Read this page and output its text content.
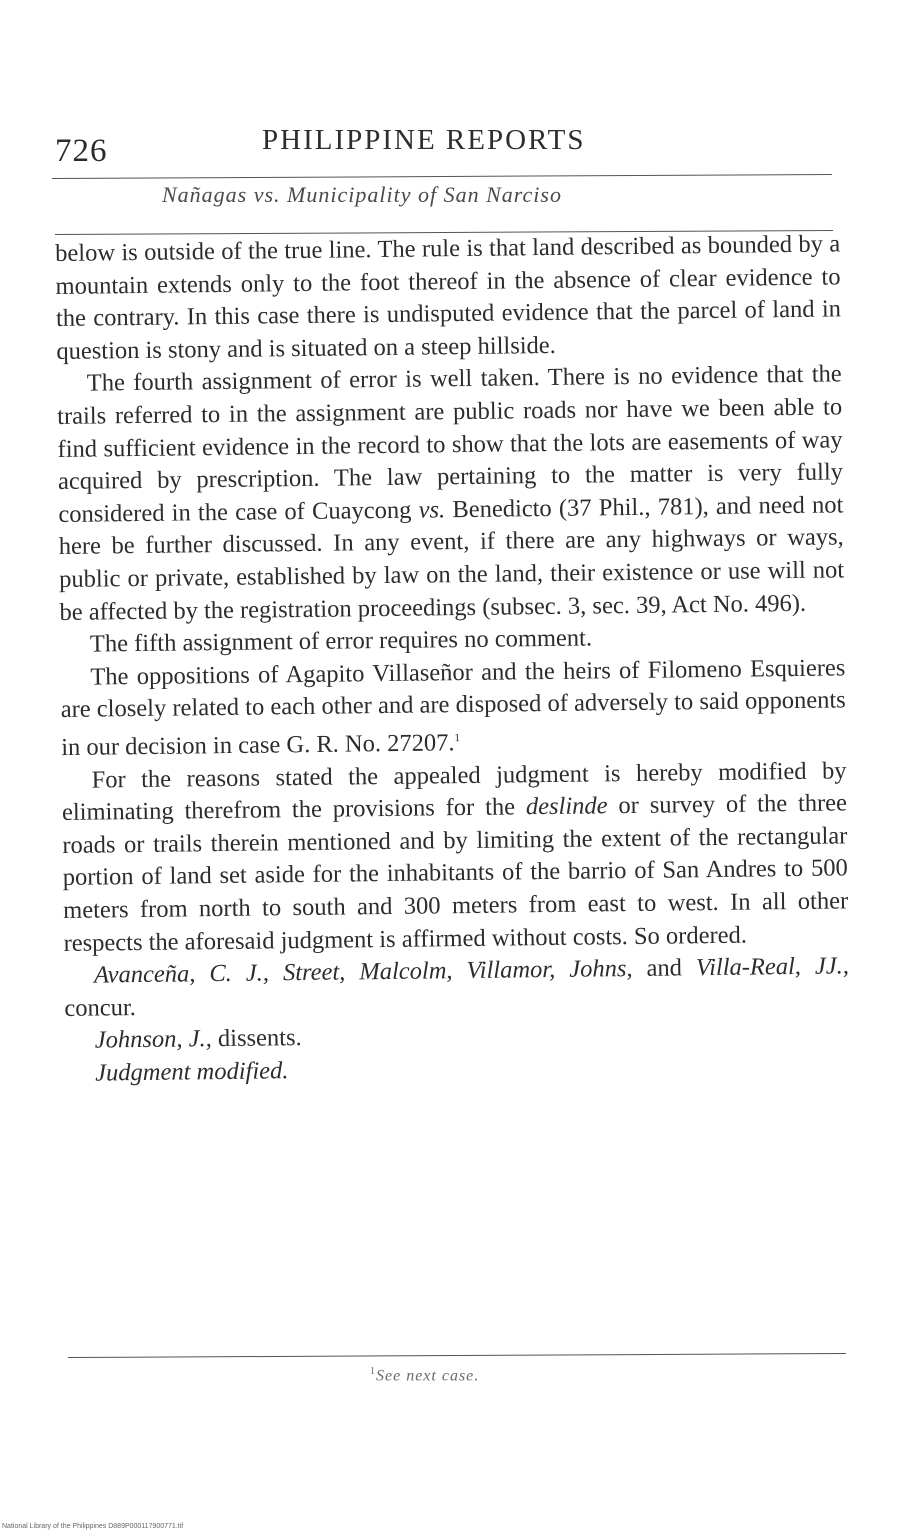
726	PHILIPPINE REPORTS
Nañagas vs. Municipality of San Narciso

below is outside of the true line. The rule is that land described as bounded by a mountain extends only to the foot thereof in the absence of clear evidence to the contrary. In this case there is undisputed evidence that the parcel of land in question is stony and is situated on a steep hillside.

The fourth assignment of error is well taken. There is no evidence that the trails referred to in the assignment are public roads nor have we been able to find sufficient evidence in the record to show that the lots are easements of way acquired by prescription. The law pertaining to the matter is very fully considered in the case of Cuaycong vs. Benedicto (37 Phil., 781), and need not here be further discussed. In any event, if there are any highways or ways, public or private, established by law on the land, their existence or use will not be affected by the registration proceedings (subsec. 3, sec. 39, Act No. 496).

The fifth assignment of error requires no comment.

The oppositions of Agapito Villaseñor and the heirs of Filomeno Esquieres are closely related to each other and are disposed of adversely to said opponents in our decision in case G. R. No. 27207.$^1$

For the reasons stated the appealed judgment is hereby modified by eliminating therefrom the provisions for the deslinde or survey of the three roads or trails therein mentioned and by limiting the extent of the rectangular portion of land set aside for the inhabitants of the barrio of San Andres to 500 meters from north to south and 300 meters from east to west. In all other respects the aforesaid judgment is affirmed without costs. So ordered.

Avanceña, C. J., Street, Malcolm, Villamor, Johns, and Villa-Real, JJ., concur.

Johnson, J., dissents.

Judgment modified.

$^1$See next case.
National Library of the Philippines D889P000117900771.tif
